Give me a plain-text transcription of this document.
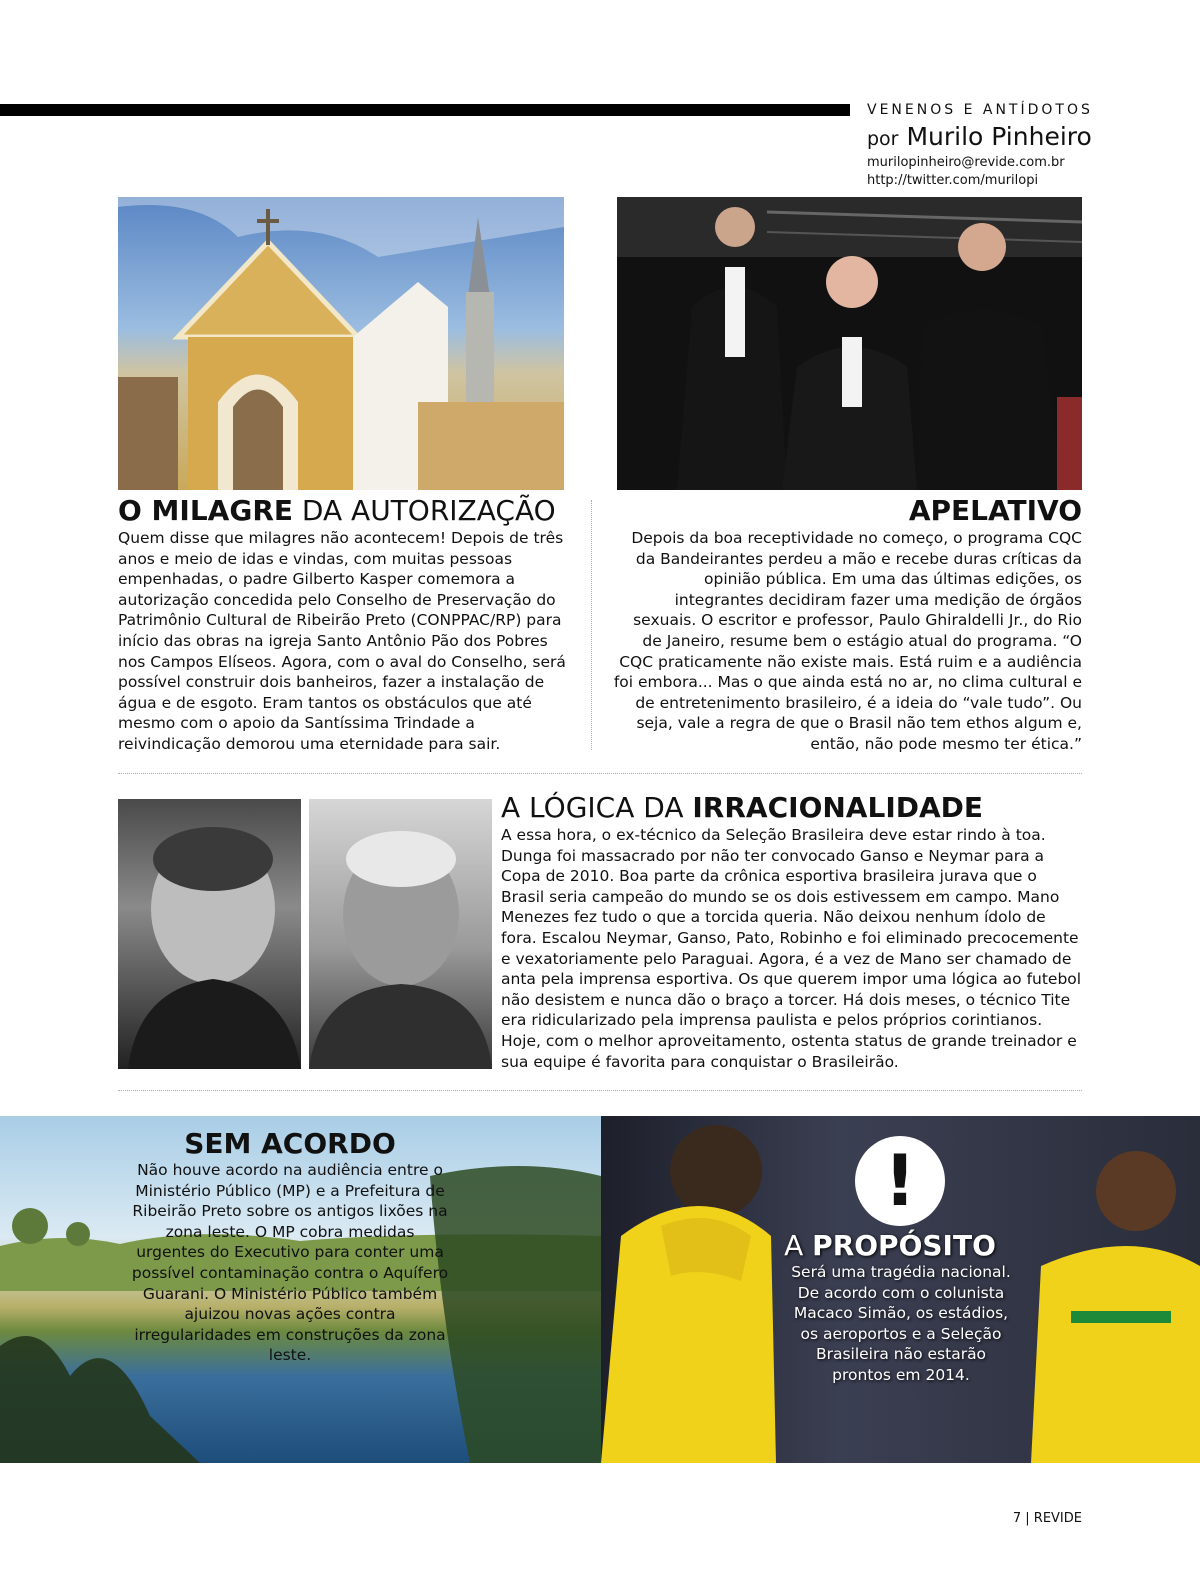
VENENOS E ANTÍDOTOS
por Murilo Pinheiro
murilopinheiro@revide.com.br
http://twitter.com/murilopi
O MILAGRE DA AUTORIZAÇÃO
Quem disse que milagres não acontecem! Depois de três anos e meio de idas e vindas, com muitas pessoas empenhadas, o padre Gilberto Kasper comemora a autorização concedida pelo Conselho de Preservação do Patrimônio Cultural de Ribeirão Preto (CONPPAC/RP) para início das obras na igreja Santo Antônio Pão dos Pobres nos Campos Elíseos. Agora, com o aval do Conselho, será possível construir dois banheiros, fazer a instalação de água e de esgoto. Eram tantos os obstáculos que até mesmo com o apoio da Santíssima Trindade a reivindicação demorou uma eternidade para sair.
APELATIVO
Depois da boa receptividade no começo, o programa CQC da Bandeirantes perdeu a mão e recebe duras críticas da opinião pública. Em uma das últimas edições, os integrantes decidiram fazer uma medição de órgãos sexuais. O escritor e professor, Paulo Ghiraldelli Jr., do Rio de Janeiro, resume bem o estágio atual do programa. “O CQC praticamente não existe mais. Está ruim e a audiência foi embora... Mas o que ainda está no ar, no clima cultural e de entretenimento brasileiro, é a ideia do “vale tudo”. Ou seja, vale a regra de que o Brasil não tem ethos algum e, então, não pode mesmo ter ética.”
A LÓGICA DA IRRACIONALIDADE
A essa hora, o ex-técnico da Seleção Brasileira deve estar rindo à toa. Dunga foi massacrado por não ter convocado Ganso e Neymar para a Copa de 2010. Boa parte da crônica esportiva brasileira jurava que o Brasil seria campeão do mundo se os dois estivessem em campo. Mano Menezes fez tudo o que a torcida queria. Não deixou nenhum ídolo de fora. Escalou Neymar, Ganso, Pato, Robinho e foi eliminado precocemente e vexatoriamente pelo Paraguai. Agora, é a vez de Mano ser chamado de anta pela imprensa esportiva. Os que querem impor uma lógica ao futebol não desistem e nunca dão o braço a torcer. Há dois meses, o técnico Tite era ridicularizado pela imprensa paulista e pelos próprios corintianos. Hoje, com o melhor aproveitamento, ostenta status de grande treinador e sua equipe é favorita para conquistar o Brasileirão.
SEM ACORDO
Não houve acordo na audiência entre o Ministério Público (MP) e a Prefeitura de Ribeirão Preto sobre os antigos lixões na zona leste. O MP cobra medidas urgentes do Executivo para conter uma possível contaminação contra o Aquífero Guarani. O Ministério Público também ajuizou novas ações contra irregularidades em construções da zona leste.
!
A PROPÓSITO
Será uma tragédia nacional. De acordo com o colunista Macaco Simão, os estádios, os aeroportos e a Seleção Brasileira não estarão prontos em 2014.
7 | REVIDE
